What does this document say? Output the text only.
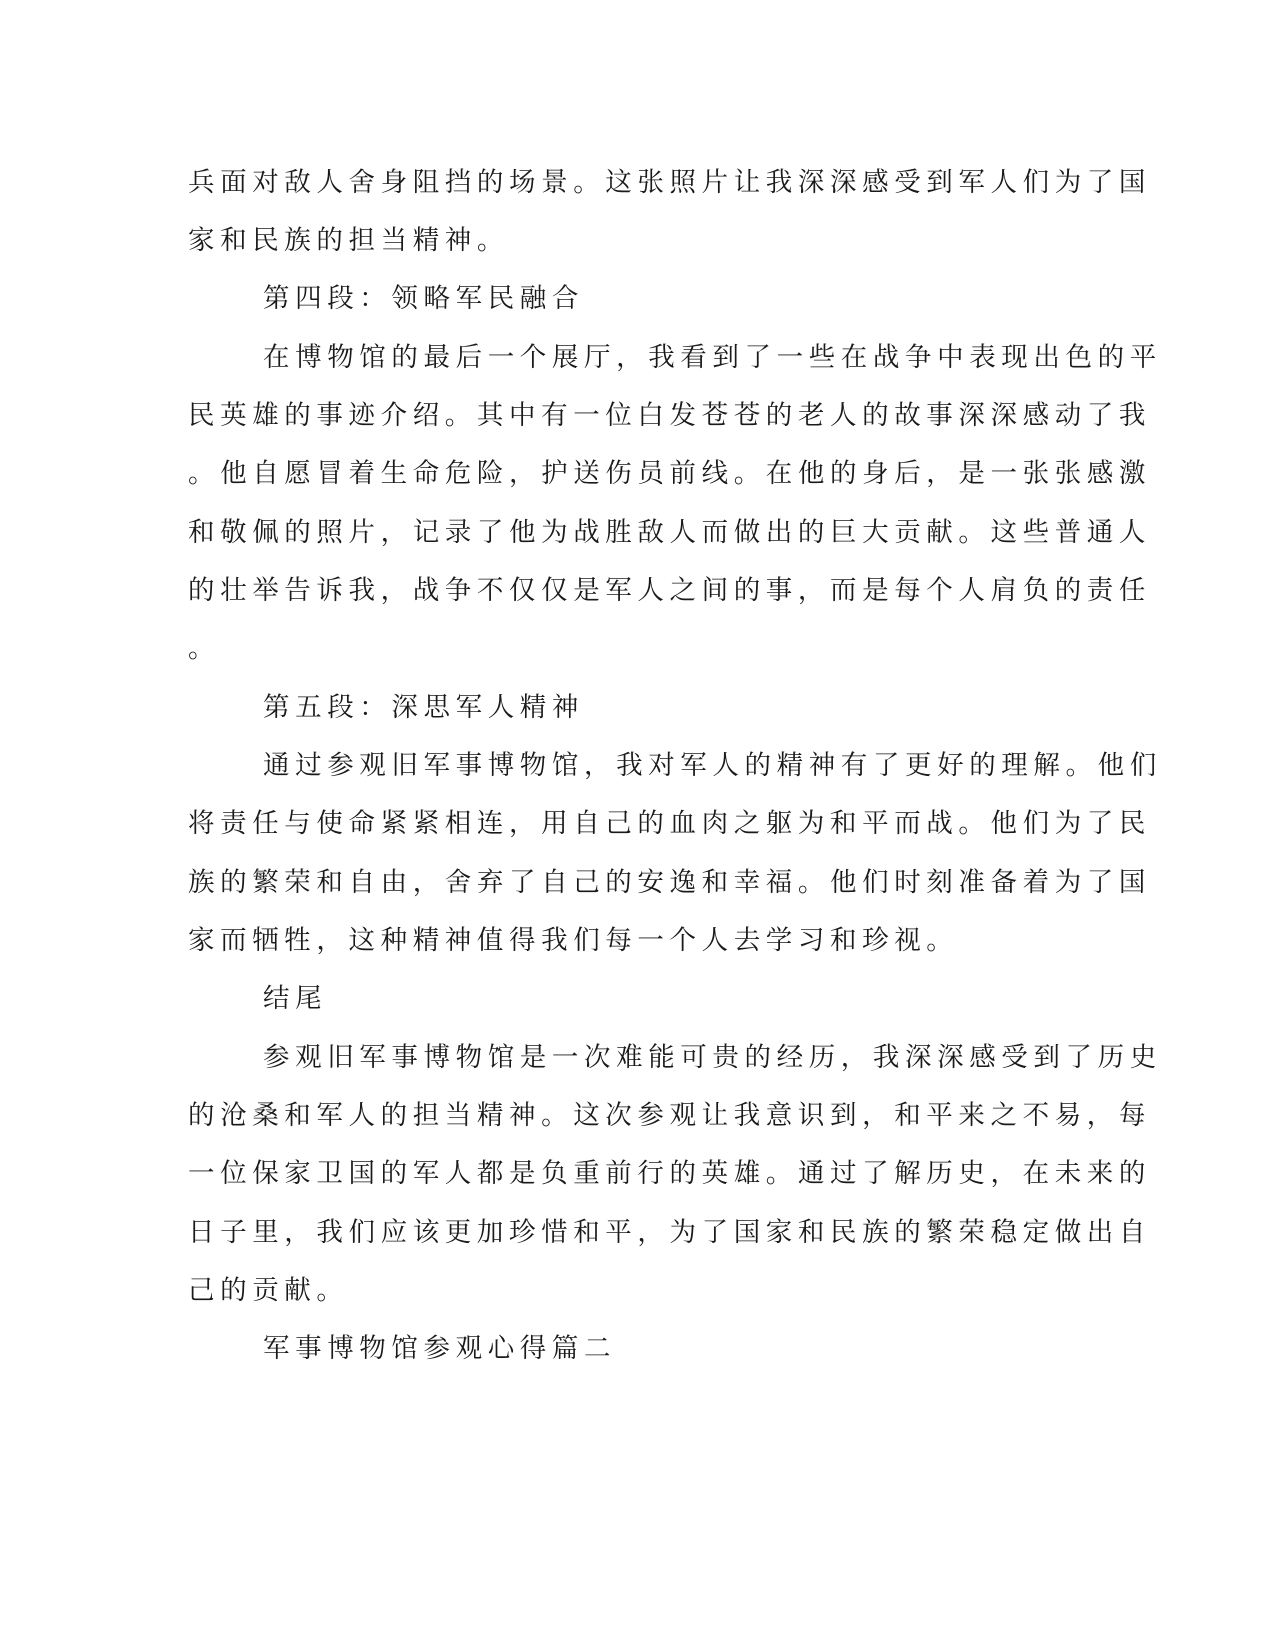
兵面对敌人舍身阻挡的场景。这张照片让我深深感受到军人们为了国
家和民族的担当精神。
第四段：领略军民融合
在博物馆的最后一个展厅，我看到了一些在战争中表现出色的平
民英雄的事迹介绍。其中有一位白发苍苍的老人的故事深深感动了我
。他自愿冒着生命危险，护送伤员前线。在他的身后，是一张张感激
和敬佩的照片，记录了他为战胜敌人而做出的巨大贡献。这些普通人
的壮举告诉我，战争不仅仅是军人之间的事，而是每个人肩负的责任
。
第五段：深思军人精神
通过参观旧军事博物馆，我对军人的精神有了更好的理解。他们
将责任与使命紧紧相连，用自己的血肉之躯为和平而战。他们为了民
族的繁荣和自由，舍弃了自己的安逸和幸福。他们时刻准备着为了国
家而牺牲，这种精神值得我们每一个人去学习和珍视。
结尾
参观旧军事博物馆是一次难能可贵的经历，我深深感受到了历史
的沧桑和军人的担当精神。这次参观让我意识到，和平来之不易，每
一位保家卫国的军人都是负重前行的英雄。通过了解历史，在未来的
日子里，我们应该更加珍惜和平，为了国家和民族的繁荣稳定做出自
己的贡献。
军事博物馆参观心得篇二
